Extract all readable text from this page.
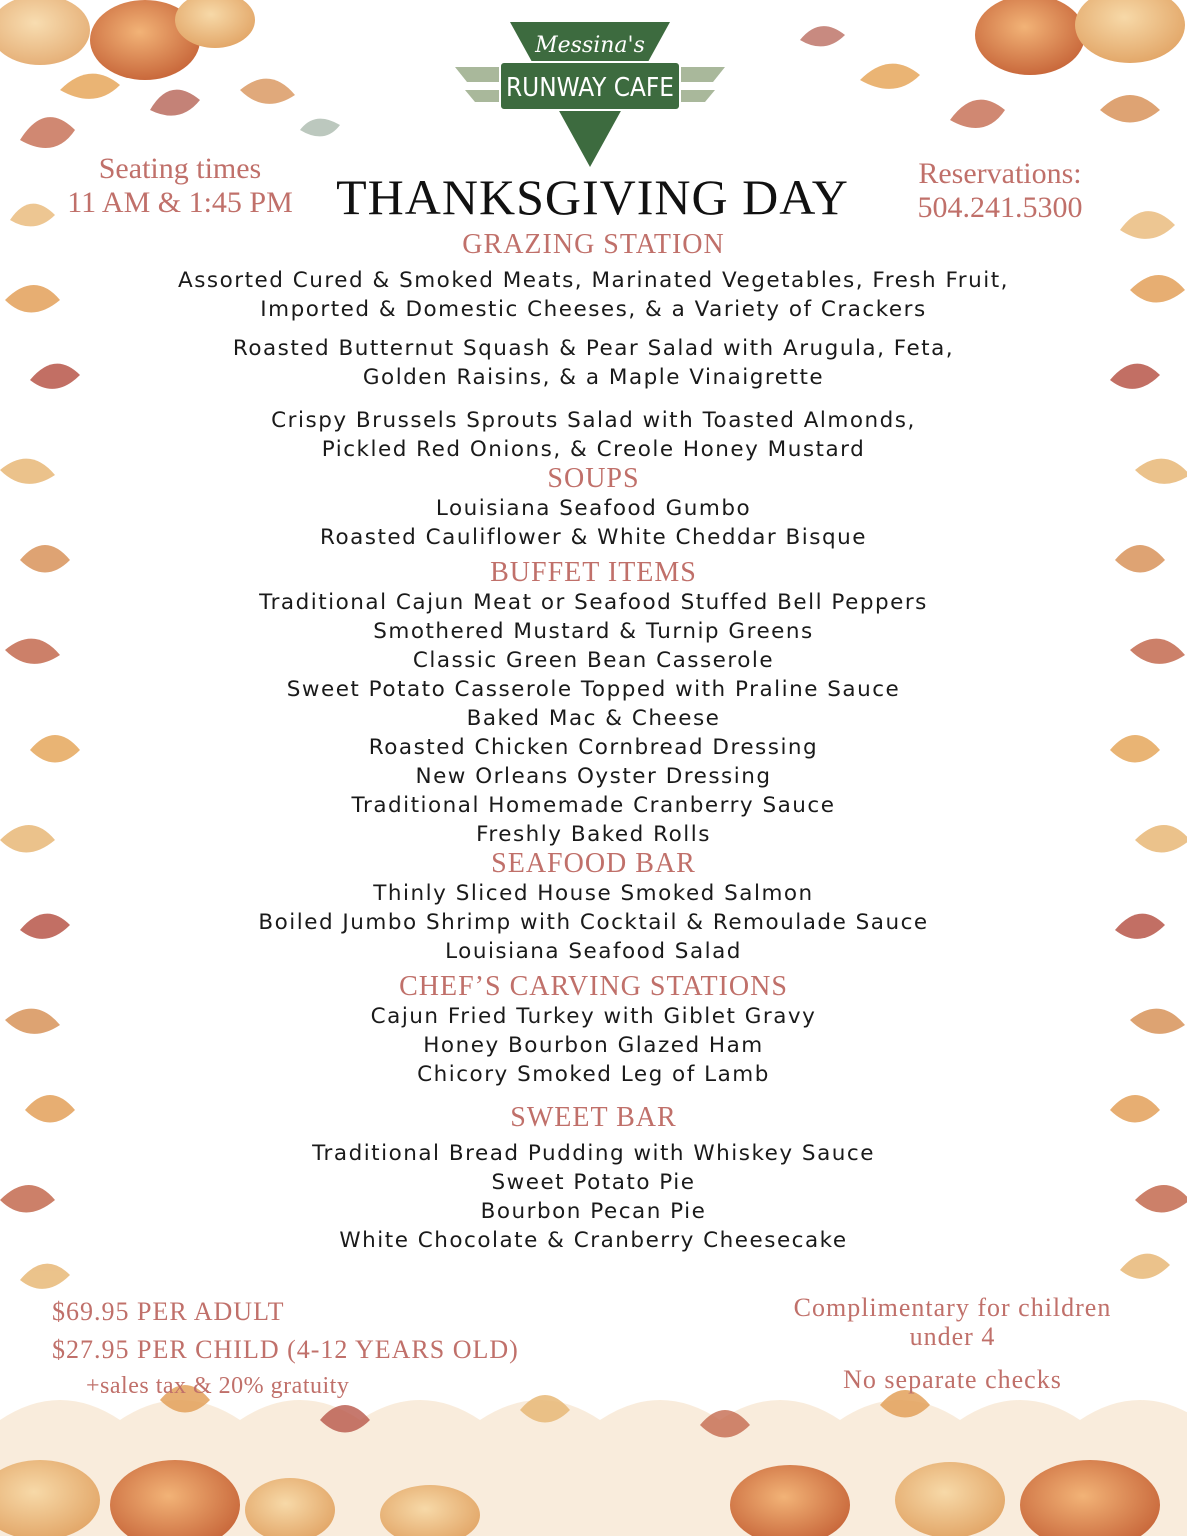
Messina's
RUNWAY CAFE
Seating times
11 AM & 1:45 PM THANKSGIVING DAY	Reservations:
504.241.5300

GRAZING STATION

Assorted Cured & Smoked Meats, Marinated Vegetables, Fresh Fruit,

Imported & Domestic Cheeses, & a Variety of Crackers

Roasted Butternut Squash & Pear Salad with Arugula, Feta,

Golden Raisins, & a Maple Vinaigrette

Crispy Brussels Sprouts Salad with Toasted Almonds,

Pickled Red Onions, & Creole Honey Mustard

SOUPS

Louisiana Seafood Gumbo

Roasted Cauliflower & White Cheddar Bisque

BUFFET ITEMS

Traditional Cajun Meat or Seafood Stuffed Bell Peppers

Smothered Mustard & Turnip Greens

Classic Green Bean Casserole

Sweet Potato Casserole Topped with Praline Sauce

Baked Mac & Cheese

Roasted Chicken Cornbread Dressing

New Orleans Oyster Dressing

Traditional Homemade Cranberry Sauce

Freshly Baked Rolls

SEAFOOD BAR

Thinly Sliced House Smoked Salmon

Boiled Jumbo Shrimp with Cocktail & Remoulade Sauce

Louisiana Seafood Salad

CHEF’S CARVING STATIONS

Cajun Fried Turkey with Giblet Gravy

Honey Bourbon Glazed Ham

Chicory Smoked Leg of Lamb

SWEET BAR

Traditional Bread Pudding with Whiskey Sauce

Sweet Potato Pie

Bourbon Pecan Pie

White Chocolate & Cranberry Cheesecake

$69.95 PER ADULT
$27.95 PER CHILD (4-12 YEARS OLD)
+sales tax & 20% gratuity
Complimentary for children
under 4
No separate checks
